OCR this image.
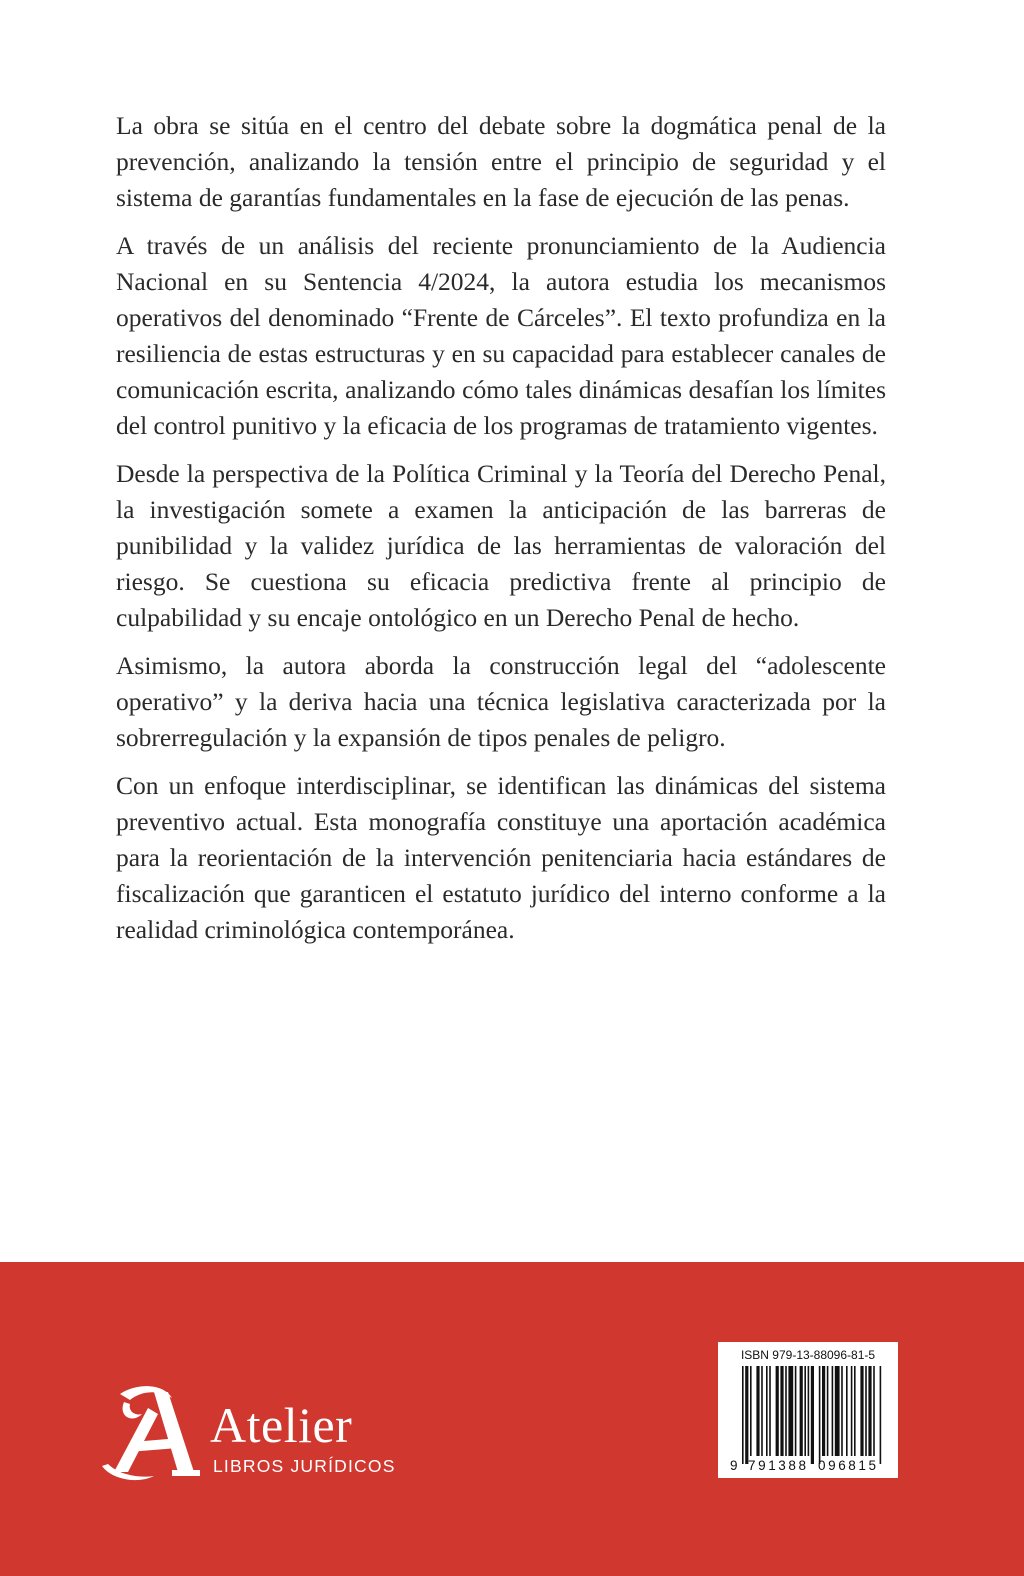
La obra se sitúa en el centro del debate sobre la dogmática penal de la prevención, analizando la tensión entre el principio de seguridad y el sistema de garantías fundamentales en la fase de ejecución de las penas.

A través de un análisis del reciente pronunciamiento de la Audiencia Nacional en su Sentencia 4/2024, la autora estudia los mecanismos operativos del denominado “Frente de Cárceles”. El texto profundiza en la resiliencia de estas estructuras y en su capacidad para establecer canales de comunicación escrita, analizando cómo tales dinámicas desafían los límites del control punitivo y la eficacia de los programas de tratamiento vigentes.

Desde la perspectiva de la Política Criminal y la Teoría del Derecho Penal, la investigación somete a examen la anticipación de las barreras de punibilidad y la validez jurídica de las herramientas de valoración del riesgo. Se cuestiona su eficacia predictiva frente al principio de culpabilidad y su encaje ontológico en un Derecho Penal de hecho.

Asimismo, la autora aborda la construcción legal del “adolescente operativo” y la deriva hacia una técnica legislativa caracterizada por la sobrerregulación y la expansión de tipos penales de peligro.

Con un enfoque interdisciplinar, se identifican las dinámicas del sistema preventivo actual. Esta monografía constituye una aportación académica para la reorientación de la intervención penitenciaria hacia estándares de fiscalización que garanticen el estatuto jurídico del interno conforme a la realidad criminológica contemporánea.

Atelier
LIBROS JURÍDICOS	9 791388 096815
ISBN 979-13-88096-81-5
